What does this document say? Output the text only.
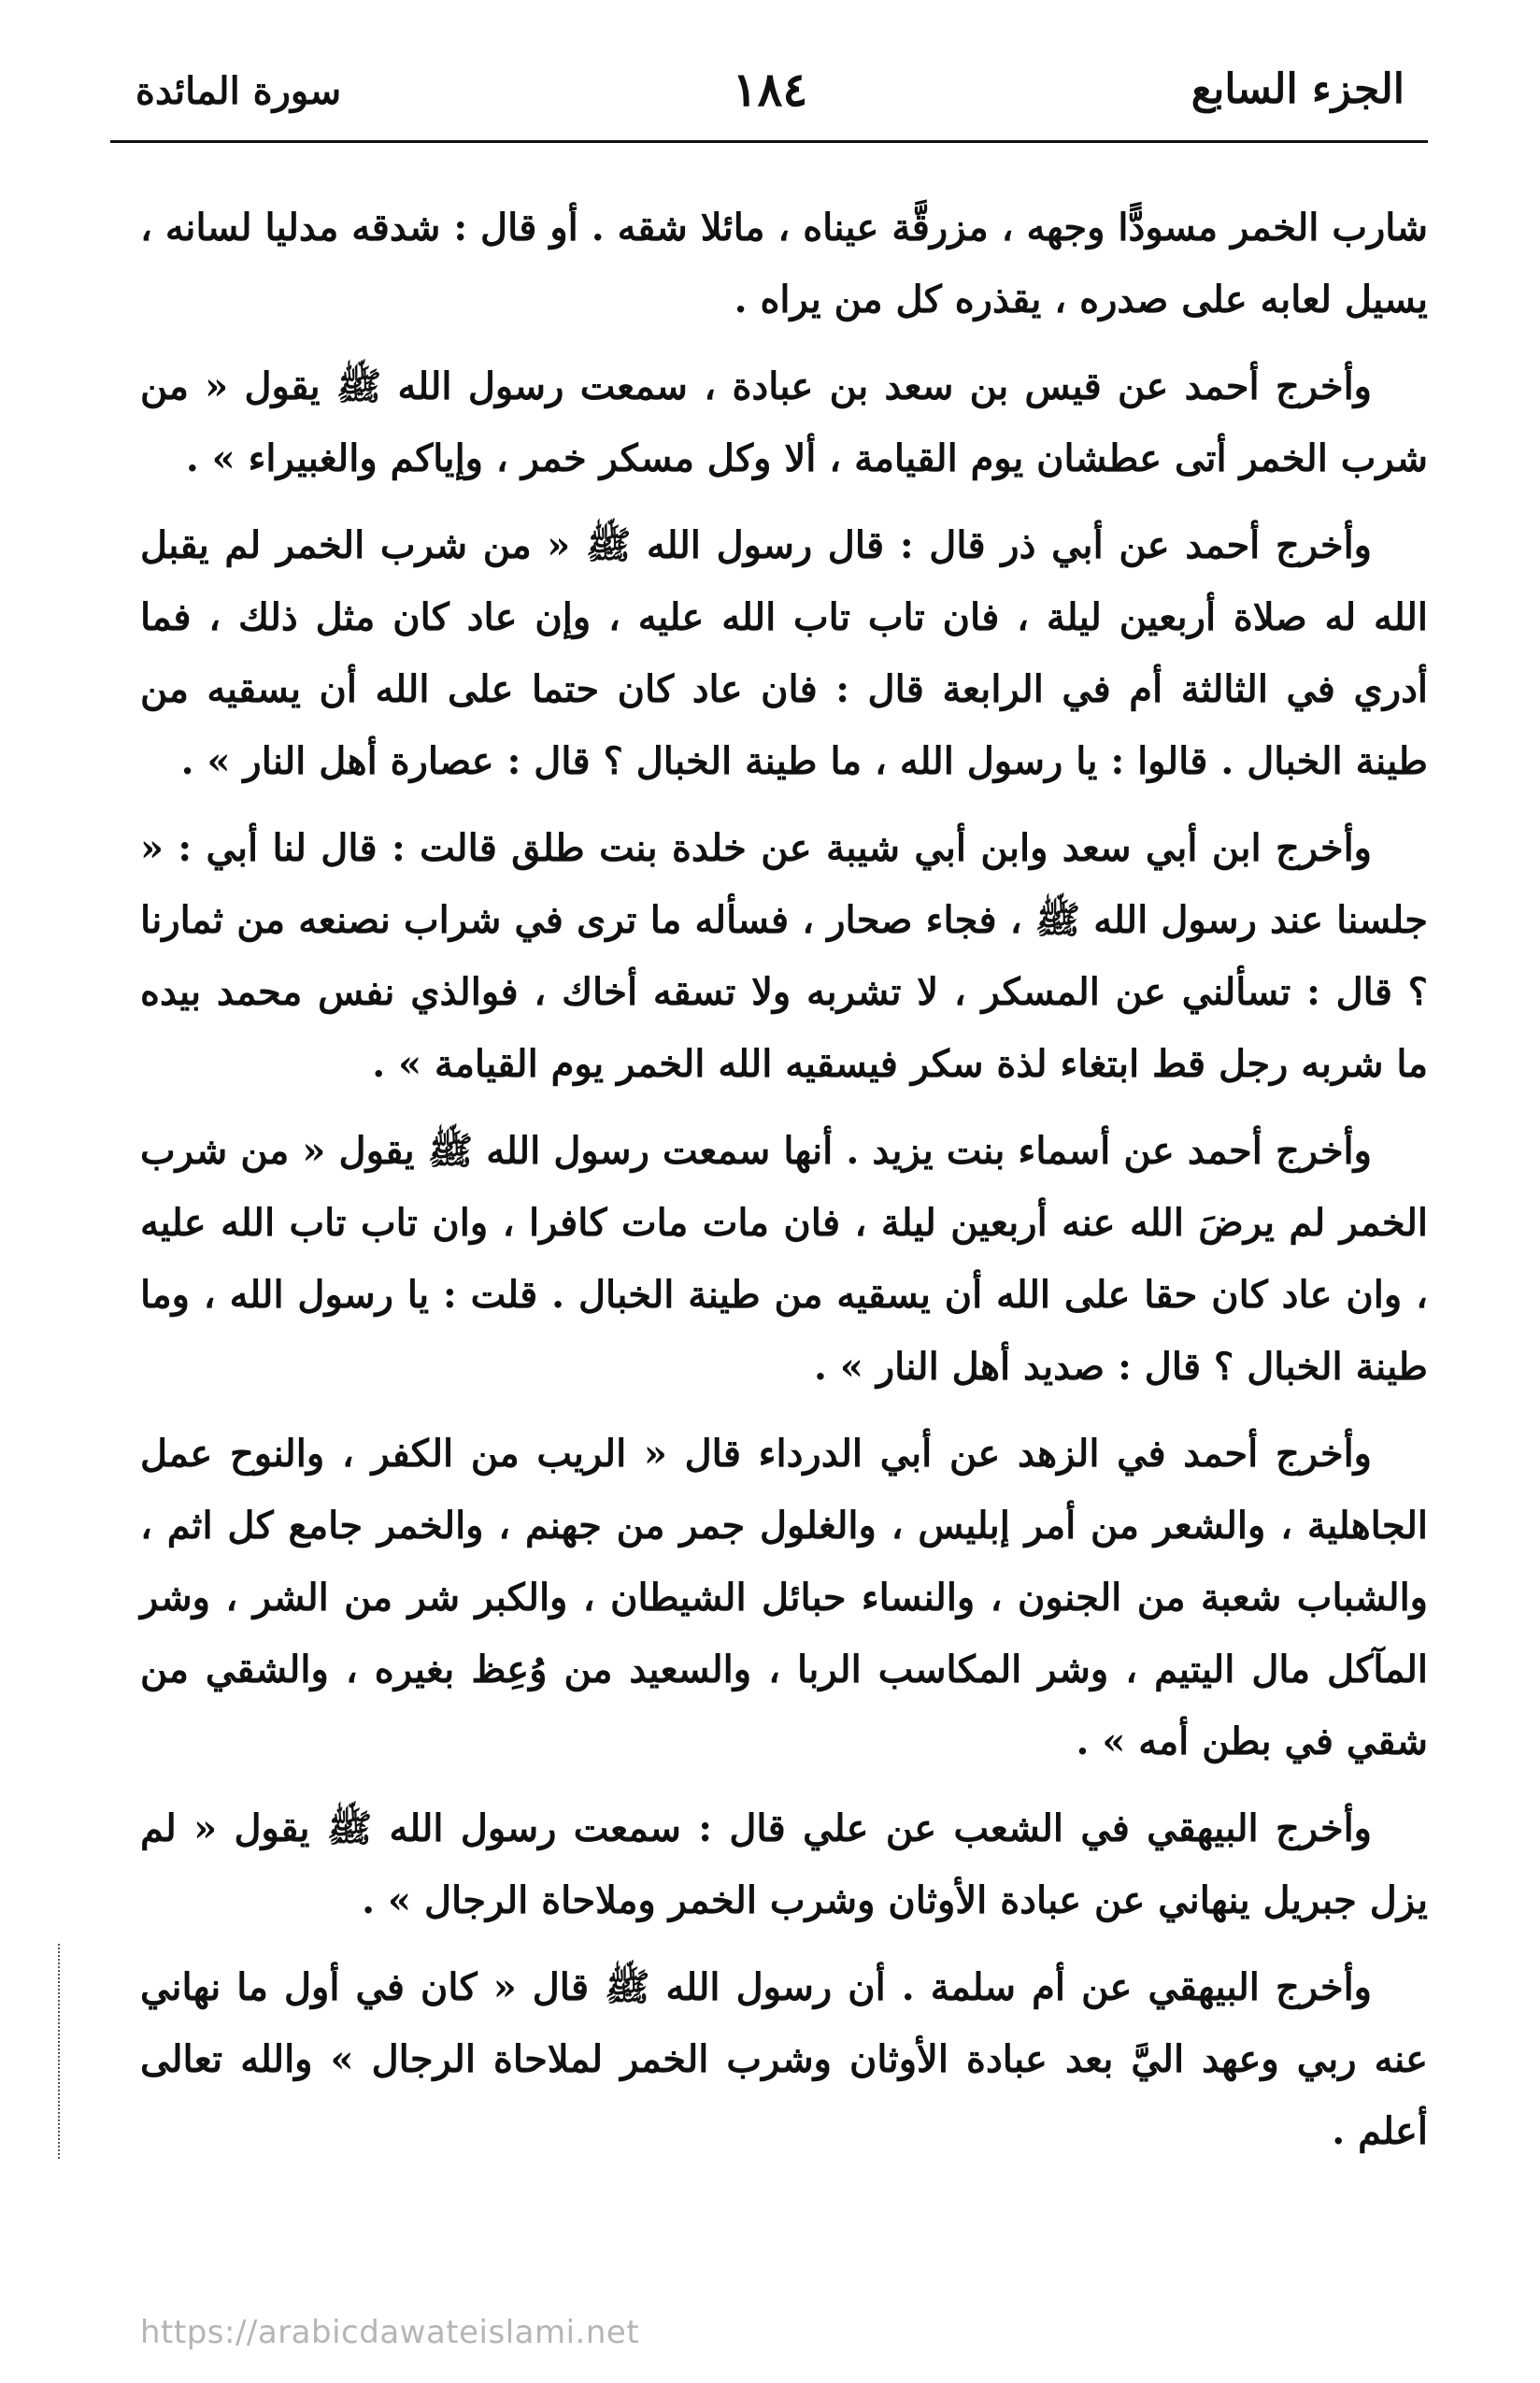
الجزء السابع
١٨٤
سورة المائدة

شارب الخمر مسودًّا وجهه ، مزرقَّة عيناه ، مائلا شقه . أو قال : شدقه مدليا لسانه ، يسيل لعابه على صدره ، يقذره كل من يراه .

وأخرج أحمد عن قيس بن سعد بن عبادة ، سمعت رسول الله ﷺ يقول « من شرب الخمر أتى عطشان يوم القيامة ، ألا وكل مسكر خمر ، وإياكم والغبيراء » .

وأخرج أحمد عن أبي ذر قال : قال رسول الله ﷺ « من شرب الخمر لم يقبل الله له صلاة أربعين ليلة ، فان تاب تاب الله عليه ، وإن عاد كان مثل ذلك ، فما أدري في الثالثة أم في الرابعة قال : فان عاد كان حتما على الله أن يسقيه من طينة الخبال . قالوا : يا رسول الله ، ما طينة الخبال ؟ قال : عصارة أهل النار » .

وأخرج ابن أبي سعد وابن أبي شيبة عن خلدة بنت طلق قالت : قال لنا أبي : « جلسنا عند رسول الله ﷺ ، فجاء صحار ، فسأله ما ترى في شراب نصنعه من ثمارنا ؟ قال : تسألني عن المسكر ، لا تشربه ولا تسقه أخاك ، فوالذي نفس محمد بيده ما شربه رجل قط ابتغاء لذة سكر فيسقيه الله الخمر يوم القيامة » .

وأخرج أحمد عن أسماء بنت يزيد . أنها سمعت رسول الله ﷺ يقول « من شرب الخمر لم يرضَ الله عنه أربعين ليلة ، فان مات مات كافرا ، وان تاب تاب الله عليه ، وان عاد كان حقا على الله أن يسقيه من طينة الخبال . قلت : يا رسول الله ، وما طينة الخبال ؟ قال : صديد أهل النار » .

وأخرج أحمد في الزهد عن أبي الدرداء قال « الريب من الكفر ، والنوح عمل الجاهلية ، والشعر من أمر إبليس ، والغلول جمر من جهنم ، والخمر جامع كل اثم ، والشباب شعبة من الجنون ، والنساء حبائل الشيطان ، والكبر شر من الشر ، وشر المآكل مال اليتيم ، وشر المكاسب الربا ، والسعيد من وُعِظ بغيره ، والشقي من شقي في بطن أمه » .

وأخرج البيهقي في الشعب عن علي قال : سمعت رسول الله ﷺ يقول « لم يزل جبريل ينهاني عن عبادة الأوثان وشرب الخمر وملاحاة الرجال » .

وأخرج البيهقي عن أم سلمة . أن رسول الله ﷺ قال « كان في أول ما نهاني عنه ربي وعهد اليَّ بعد عبادة الأوثان وشرب الخمر لملاحاة الرجال » والله تعالى أعلم .

https://arabicdawateislami.net
